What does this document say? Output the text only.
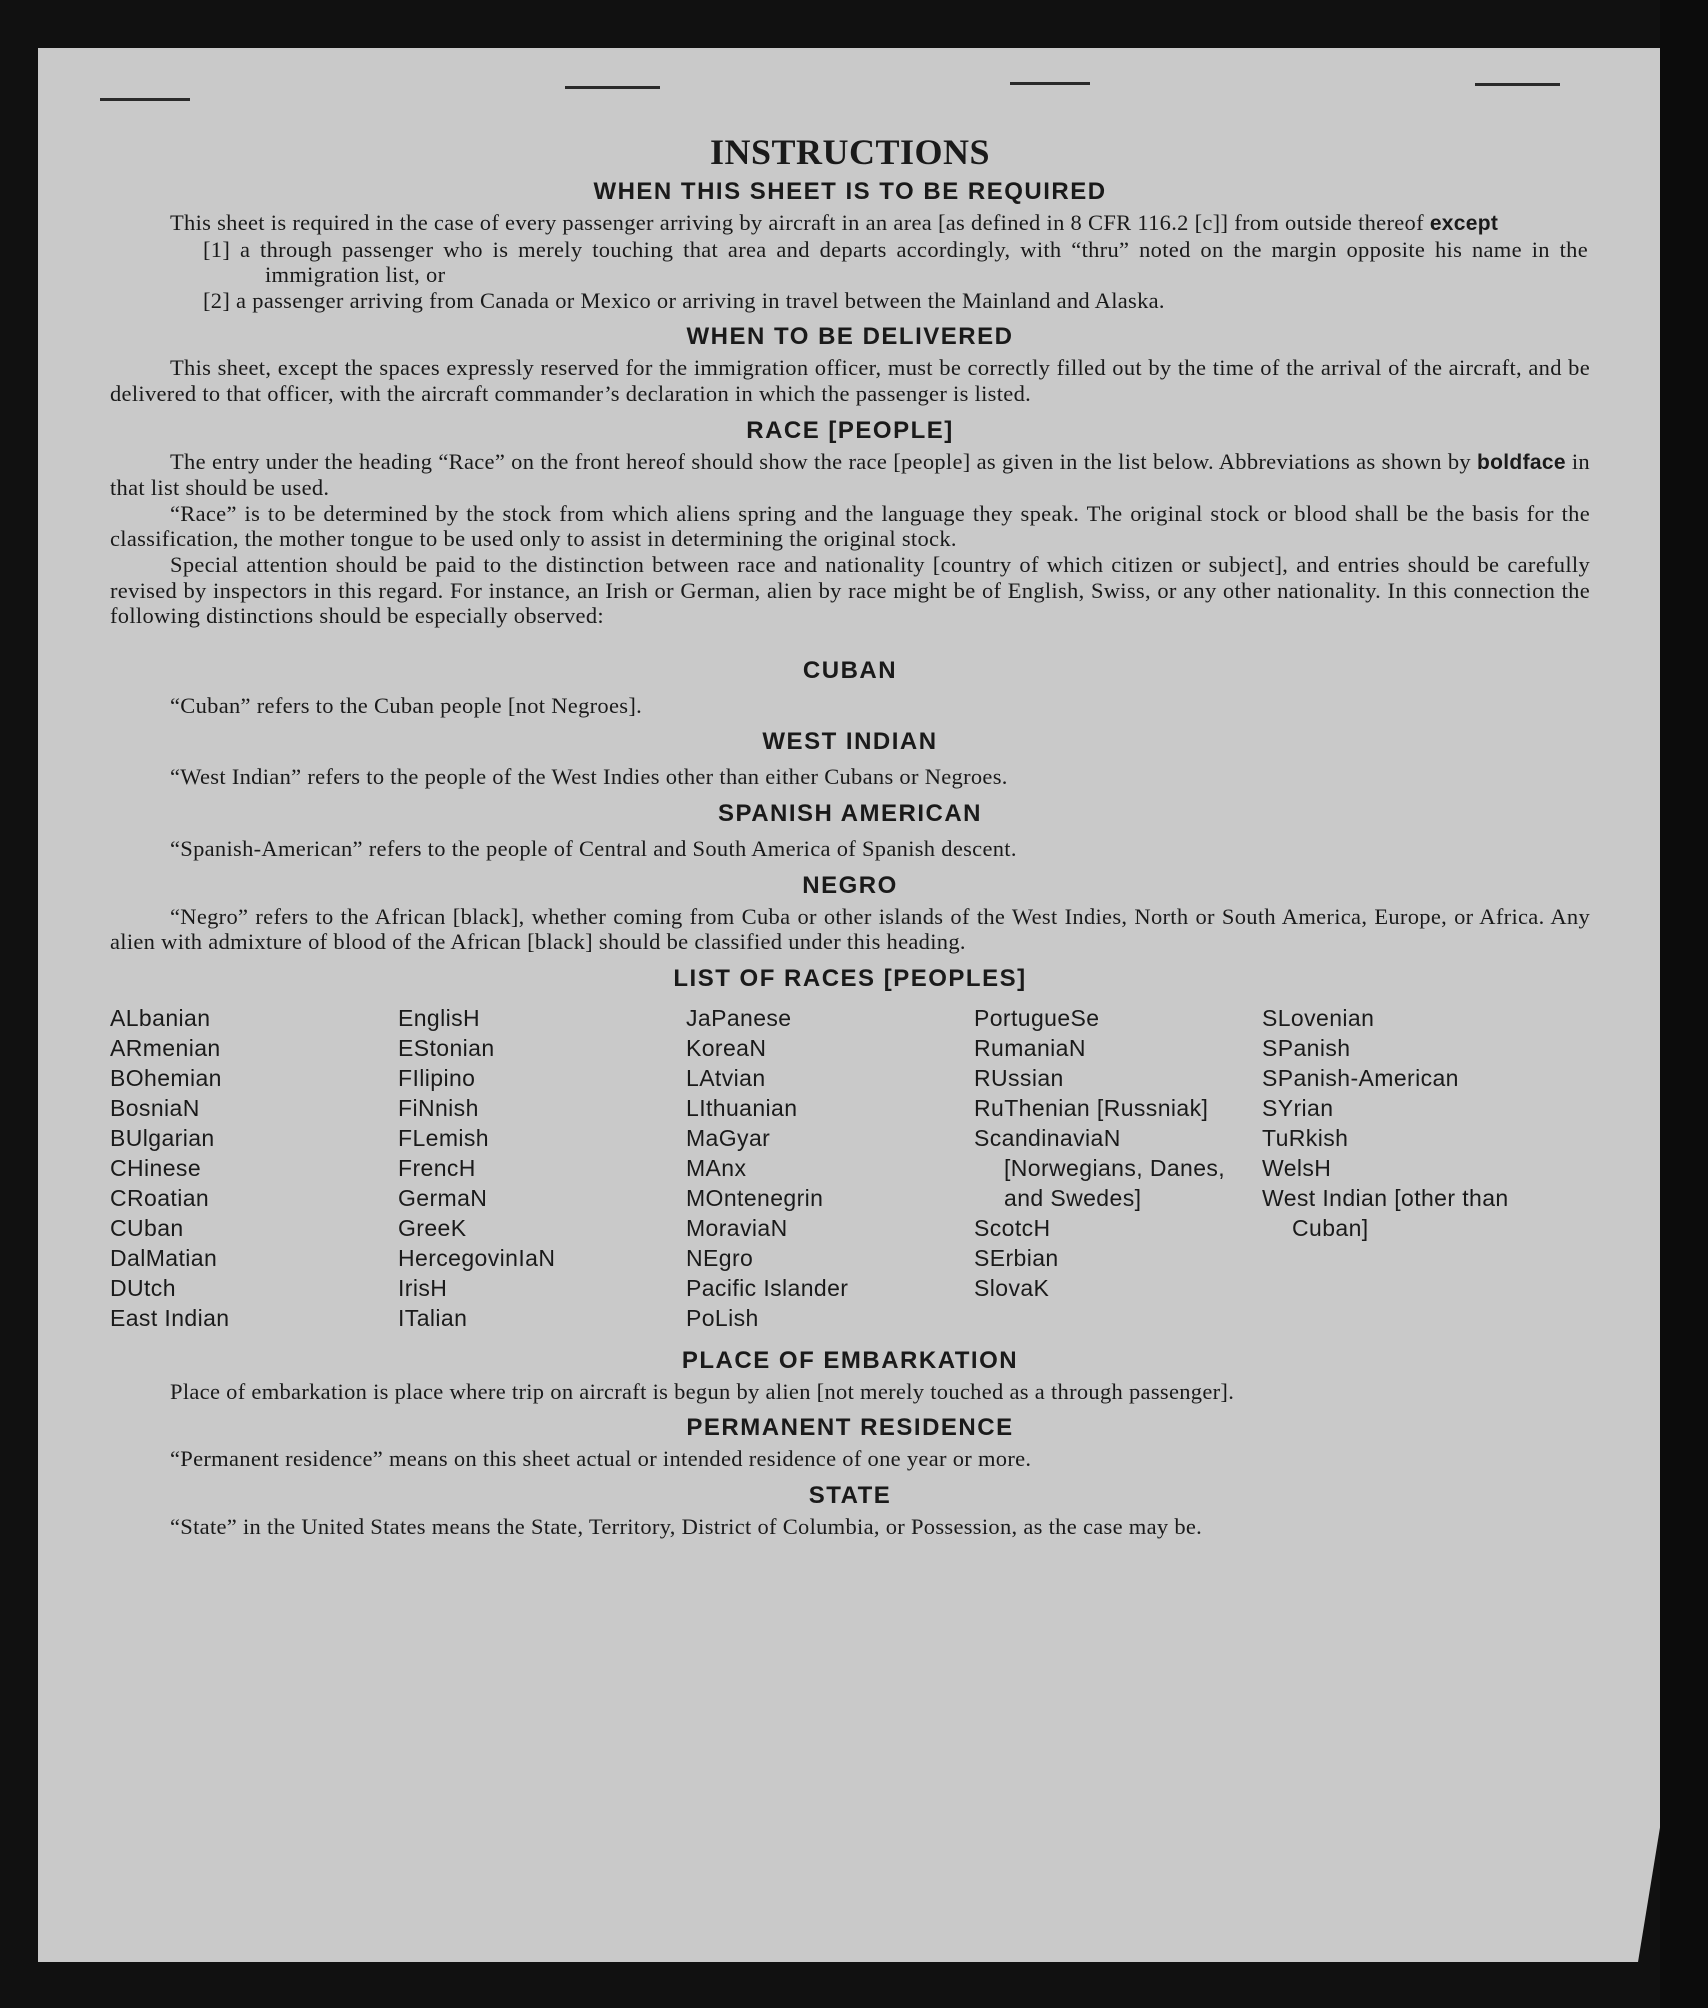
INSTRUCTIONS
WHEN THIS SHEET IS TO BE REQUIRED

This sheet is required in the case of every passenger arriving by aircraft in an area [as defined in 8 CFR 116.2 [c]] from outside thereof except

[1] a through passenger who is merely touching that area and departs accordingly, with “thru” noted on the margin opposite his name in the immigration list, or

[2] a passenger arriving from Canada or Mexico or arriving in travel between the Mainland and Alaska.

WHEN TO BE DELIVERED

This sheet, except the spaces expressly reserved for the immigration officer, must be correctly filled out by the time of the arrival of the aircraft, and be delivered to that officer, with the aircraft commander’s declaration in which the passenger is listed.

RACE [PEOPLE]

The entry under the heading “Race” on the front hereof should show the race [people] as given in the list below. Abbreviations as shown by boldface in that list should be used.

“Race” is to be determined by the stock from which aliens spring and the language they speak. The original stock or blood shall be the basis for the classification, the mother tongue to be used only to assist in determining the original stock.

Special attention should be paid to the distinction between race and nationality [country of which citizen or subject], and entries should be carefully revised by inspectors in this regard. For instance, an Irish or German, alien by race might be of English, Swiss, or any other nationality. In this connection the following distinctions should be especially observed:

CUBAN

“Cuban” refers to the Cuban people [not Negroes].

WEST INDIAN

“West Indian” refers to the people of the West Indies other than either Cubans or Negroes.

SPANISH AMERICAN

“Spanish-American” refers to the people of Central and South America of Spanish descent.

NEGRO

“Negro” refers to the African [black], whether coming from Cuba or other islands of the West Indies, North or South America, Europe, or Africa. Any alien with admixture of blood of the African [black] should be classified under this heading.

LIST OF RACES [PEOPLES]
ALbanian
ARmenian
BOhemian
BosniaN
BUlgarian
CHinese
CRoatian
CUban
DalMatian
DUtch
East Indian
EnglisH
EStonian
FIlipino
FiNnish
FLemish
FrencH
GermaN
GreeK
HercegovinIaN
IrisH
ITalian
JaPanese
KoreaN
LAtvian
LIthuanian
MaGyar
MAnx
MOntenegrin
MoraviaN
NEgro
Pacific Islander
PoLish
PortugueSe
RumaniaN
RUssian
RuThenian [Russniak]
ScandinaviaN [Norwegians, Danes, and Swedes]
ScotcH
SErbian
SlovaK
SLovenian
SPanish
SPanish-American
SYrian
TuRkish
WelsH
West Indian [other than Cuban]
PLACE OF EMBARKATION

Place of embarkation is place where trip on aircraft is begun by alien [not merely touched as a through passenger].

PERMANENT RESIDENCE

“Permanent residence” means on this sheet actual or intended residence of one year or more.

STATE

“State” in the United States means the State, Territory, District of Columbia, or Possession, as the case may be.
